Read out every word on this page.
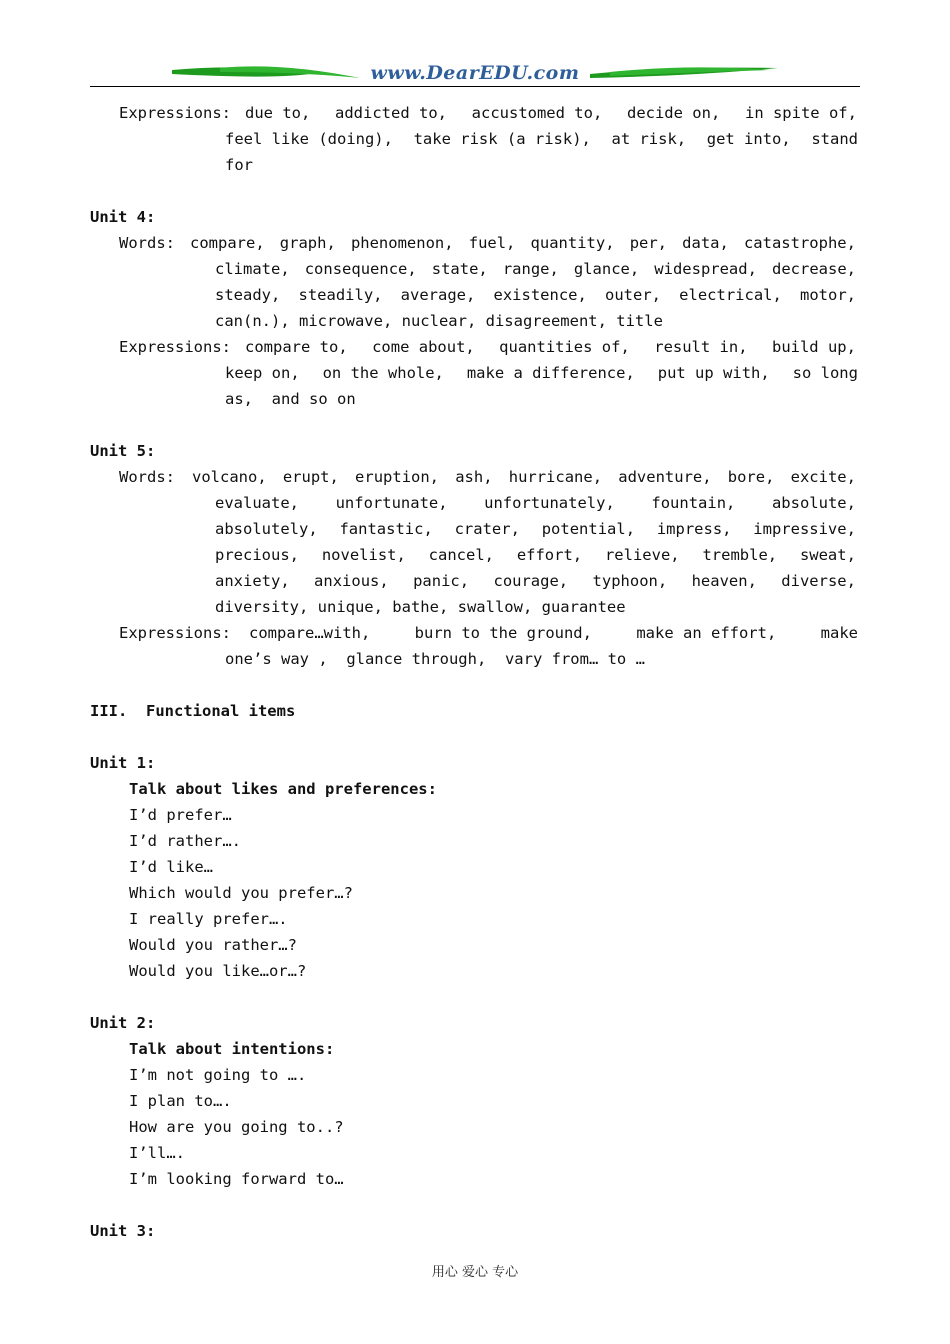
www.DearEDU.com
Expressions: due to, addicted to, accustomed to, decide on, in spite of,
feel like (doing), take risk (a risk), at risk, get into, stand
for
Unit 4:
Words: compare, graph, phenomenon, fuel, quantity, per, data, catastrophe,
climate, consequence, state, range, glance, widespread, decrease,
steady, steadily, average, existence, outer, electrical, motor,
can(n.), microwave, nuclear, disagreement, title
Expressions: compare to, come about, quantities of, result in, build up,
keep on, on the whole, make a difference, put up with, so long
as,  and so on
Unit 5:
Words: volcano, erupt, eruption, ash, hurricane, adventure, bore, excite,
evaluate, unfortunate, unfortunately, fountain, absolute,
absolutely, fantastic, crater, potential, impress, impressive,
precious, novelist, cancel, effort, relieve, tremble, sweat,
anxiety, anxious, panic, courage, typhoon, heaven, diverse,
diversity, unique, bathe, swallow, guarantee
Expressions: compare…with,	burn to the ground,	make an effort,	make
one’s way ,  glance through,  vary from… to …
III.  Functional items
Unit 1:
Talk about likes and preferences:
I’d prefer…
I’d rather….
I’d like…
Which would you prefer…?
I really prefer….
Would you rather…?
Would you like…or…?
Unit 2:
Talk about intentions:
I’m not going to ….
I plan to….
How are you going to..?
I’ll….
I’m looking forward to…
Unit 3:
用心 爱心 专心
